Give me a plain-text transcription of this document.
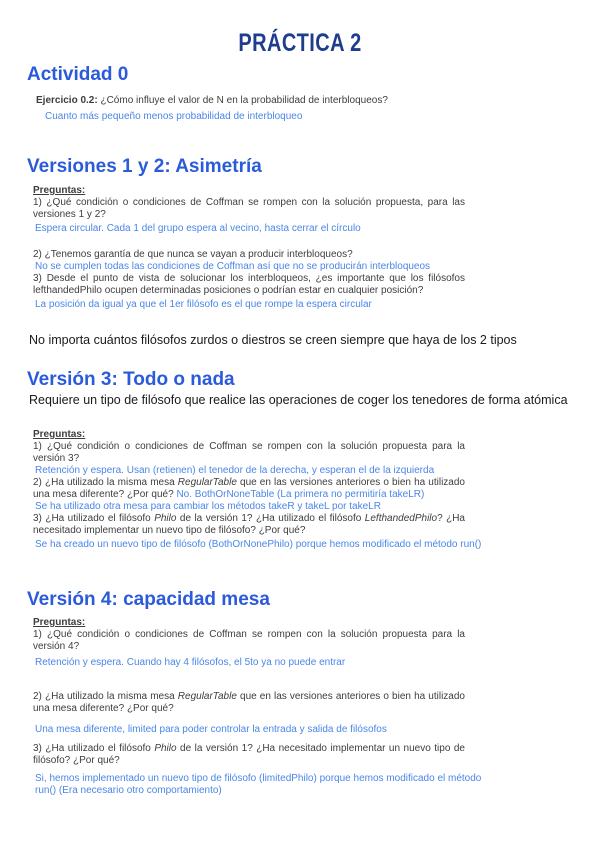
PRÁCTICA 2
Actividad 0

Ejercicio 0.2: ¿Cómo influye el valor de N en la probabilidad de interbloqueos?

Cuanto más pequeño menos probabilidad de interbloqueo

Versiones 1 y 2: Asimetría

Preguntas:

1) ¿Qué condición o condiciones de Coffman se rompen con la solución propuesta, para las versiones 1 y 2?

Espera circular. Cada 1 del grupo espera al vecino, hasta cerrar el círculo

2) ¿Tenemos garantía de que nunca se vayan a producir interbloqueos?

No se cumplen todas las condiciones de Coffman así que no se producirán interbloqueos

3) Desde el punto de vista de solucionar los interbloqueos, ¿es importante que los filósofos lefthandedPhilo ocupen determinadas posiciones o podrían estar en cualquier posición?

La posición da igual ya que el 1er filósofo es el que rompe la espera circular

No importa cuántos filósofos zurdos o diestros se creen siempre que haya de los 2 tipos

Versión 3: Todo o nada

Requiere un tipo de filósofo que realice las operaciones de coger los tenedores de forma atómica

Preguntas:

1) ¿Qué condición o condiciones de Coffman se rompen con la solución propuesta para la versión 3?

Retención y espera. Usan (retienen) el tenedor de la derecha, y esperan el de la izquierda

2) ¿Ha utilizado la misma mesa RegularTable que en las versiones anteriores o bien ha utilizado una mesa diferente? ¿Por qué? No. BothOrNoneTable (La primera no permitiría takeLR)

Se ha utilizado otra mesa para cambiar los métodos takeR y takeL por takeLR

3) ¿Ha utilizado el filósofo Philo de la versión 1? ¿Ha utilizado el filósofo LefthandedPhilo? ¿Ha necesitado implementar un nuevo tipo de filósofo? ¿Por qué?

Se ha creado un nuevo tipo de filósofo (BothOrNonePhilo) porque hemos modificado el método run()

Versión 4: capacidad mesa

Preguntas:

1) ¿Qué condición o condiciones de Coffman se rompen con la solución propuesta para la versión 4?

Retención y espera. Cuando hay 4 filósofos, el 5to ya no puede entrar

2) ¿Ha utilizado la misma mesa RegularTable que en las versiones anteriores o bien ha utilizado una mesa diferente? ¿Por qué?

Una mesa diferente, limited para poder controlar la entrada y salida de filósofos

3) ¿Ha utilizado el filósofo Philo de la versión 1? ¿Ha necesitado implementar un nuevo tipo de filósofo? ¿Por qué?

Si, hemos implementado un nuevo tipo de filósofo (limitedPhilo) porque hemos modificado el método run() (Era necesario otro comportamiento)
